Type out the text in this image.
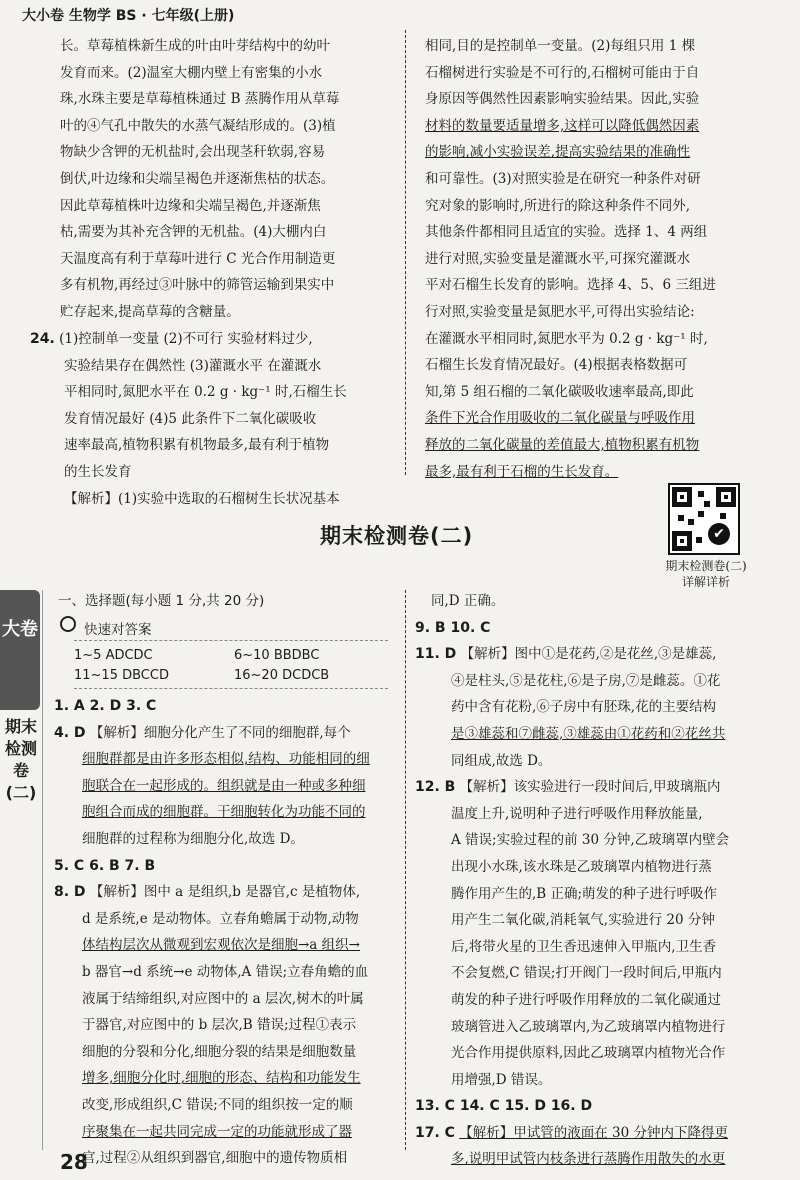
大小卷 生物学 BS · 七年级(上册)

长。草莓植株新生成的叶由叶芽结构中的幼叶

发育而来。(2)温室大棚内壁上有密集的小水

珠,水珠主要是草莓植株通过 B 蒸腾作用从草莓

叶的④气孔中散失的水蒸气凝结形成的。(3)植

物缺少含钾的无机盐时,会出现茎秆软弱,容易

倒伏,叶边缘和尖端呈褐色并逐渐焦枯的状态。

因此草莓植株叶边缘和尖端呈褐色,并逐渐焦

枯,需要为其补充含钾的无机盐。(4)大棚内白

天温度高有利于草莓叶进行 C 光合作用制造更

多有机物,再经过③叶脉中的筛管运输到果实中

贮存起来,提高草莓的含糖量。

24. (1)控制单一变量 (2)不可行 实验材料过少,

实验结果存在偶然性 (3)灌溉水平 在灌溉水

平相同时,氮肥水平在 0.2 g · kg⁻¹ 时,石榴生长

发育情况最好 (4)5 此条件下二氧化碳吸收

速率最高,植物积累有机物最多,最有利于植物

的生长发育

【解析】(1)实验中选取的石榴树生长状况基本

相同,目的是控制单一变量。(2)每组只用 1 棵

石榴树进行实验是不可行的,石榴树可能由于自

身原因等偶然性因素影响实验结果。因此,实验

材料的数量要适量增多,这样可以降低偶然因素

的影响,减小实验误差,提高实验结果的准确性

和可靠性。(3)对照实验是在研究一种条件对研

究对象的影响时,所进行的除这种条件不同外,

其他条件都相同且适宜的实验。选择 1、4 两组

进行对照,实验变量是灌溉水平,可探究灌溉水

平对石榴生长发育的影响。选择 4、5、6 三组进

行对照,实验变量是氮肥水平,可得出实验结论:

在灌溉水平相同时,氮肥水平为 0.2 g · kg⁻¹ 时,

石榴生长发育情况最好。(4)根据表格数据可

知,第 5 组石榴的二氧化碳吸收速率最高,即此

条件下光合作用吸收的二氧化碳量与呼吸作用

释放的二氧化碳量的差值最大,植物积累有机物

最多,最有利于石榴的生长发育。

期末检测卷(二)	✔
期末检测卷(二)
详解详析
大卷
期末检测卷(二)
一、选择题(每小题 1 分,共 20 分)
快速对答案
1~5 ADCDC	6~10 BBDBC
11~15 DBCCD	16~20 DCDCB

1. A 2. D 3. C

4. D 【解析】细胞分化产生了不同的细胞群,每个

细胞群都是由许多形态相似,结构、功能相同的细

胞联合在一起形成的。组织就是由一种或多种细

胞组合而成的细胞群。干细胞转化为功能不同的

细胞群的过程称为细胞分化,故选 D。

5. C 6. B 7. B

8. D 【解析】图中 a 是组织,b 是器官,c 是植物体,

d 是系统,e 是动物体。立春角蟾属于动物,动物

体结构层次从微观到宏观依次是细胞→a 组织→

b 器官→d 系统→e 动物体,A 错误;立春角蟾的血

液属于结缔组织,对应图中的 a 层次,树木的叶属

于器官,对应图中的 b 层次,B 错误;过程①表示

细胞的分裂和分化,细胞分裂的结果是细胞数量

增多,细胞分化时,细胞的形态、结构和功能发生

改变,形成组织,C 错误;不同的组织按一定的顺

序聚集在一起共同完成一定的功能就形成了器

官,过程②从组织到器官,细胞中的遗传物质相

同,D 正确。

9. B 10. C

11. D 【解析】图中①是花药,②是花丝,③是雄蕊,

④是柱头,⑤是花柱,⑥是子房,⑦是雌蕊。①花

药中含有花粉,⑥子房中有胚珠,花的主要结构

是③雄蕊和⑦雌蕊,③雄蕊由①花药和②花丝共

同组成,故选 D。

12. B 【解析】该实验进行一段时间后,甲玻璃瓶内

温度上升,说明种子进行呼吸作用释放能量,

A 错误;实验过程的前 30 分钟,乙玻璃罩内壁会

出现小水珠,该水珠是乙玻璃罩内植物进行蒸

腾作用产生的,B 正确;萌发的种子进行呼吸作

用产生二氧化碳,消耗氧气,实验进行 20 分钟

后,将带火星的卫生香迅速伸入甲瓶内,卫生香

不会复燃,C 错误;打开阀门一段时间后,甲瓶内

萌发的种子进行呼吸作用释放的二氧化碳通过

玻璃管进入乙玻璃罩内,为乙玻璃罩内植物进行

光合作用提供原料,因此乙玻璃罩内植物光合作

用增强,D 错误。

13. C 14. C 15. D 16. D

17. C 【解析】甲试管的液面在 30 分钟内下降得更

多,说明甲试管内枝条进行蒸腾作用散失的水更

28
